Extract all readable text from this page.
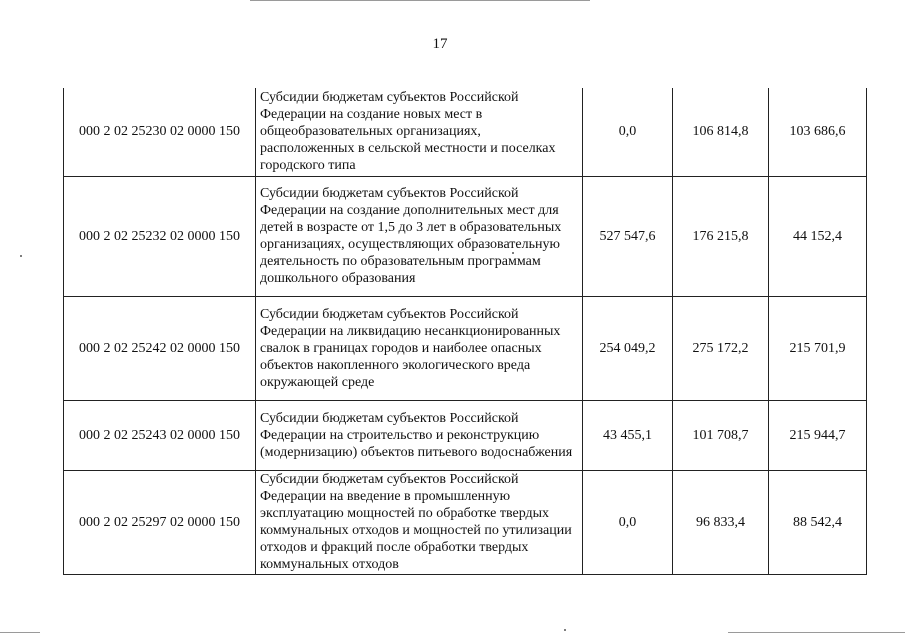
17
000 2 02 25230 02 0000 150	Субсидии бюджетам субъектов Российской Федерации на создание новых мест в общеобразовательных организациях, расположенных в сельской местности и поселках городского типа	0,0	106 814,8	103 686,6
000 2 02 25232 02 0000 150	Субсидии бюджетам субъектов Российской Федерации на создание дополнительных мест для детей в возрасте от 1,5 до 3 лет в образовательных организациях, осуществляющих образовательную деятельность по образовательным программам дошкольного образования	527 547,6	176 215,8	44 152,4
000 2 02 25242 02 0000 150	Субсидии бюджетам субъектов Российской Федерации на ликвидацию несанкционированных свалок в границах городов и наиболее опасных объектов накопленного экологического вреда окружающей среде	254 049,2	275 172,2	215 701,9
000 2 02 25243 02 0000 150	Субсидии бюджетам субъектов Российской Федерации на строительство и реконструкцию (модернизацию) объектов питьевого водоснабжения	43 455,1	101 708,7	215 944,7
000 2 02 25297 02 0000 150	Субсидии бюджетам субъектов Российской Федерации на введение в промышленную эксплуатацию мощностей по обработке твердых коммунальных отходов и мощностей по утилизации отходов и фракций после обработки твердых коммунальных отходов	0,0	96 833,4	88 542,4
